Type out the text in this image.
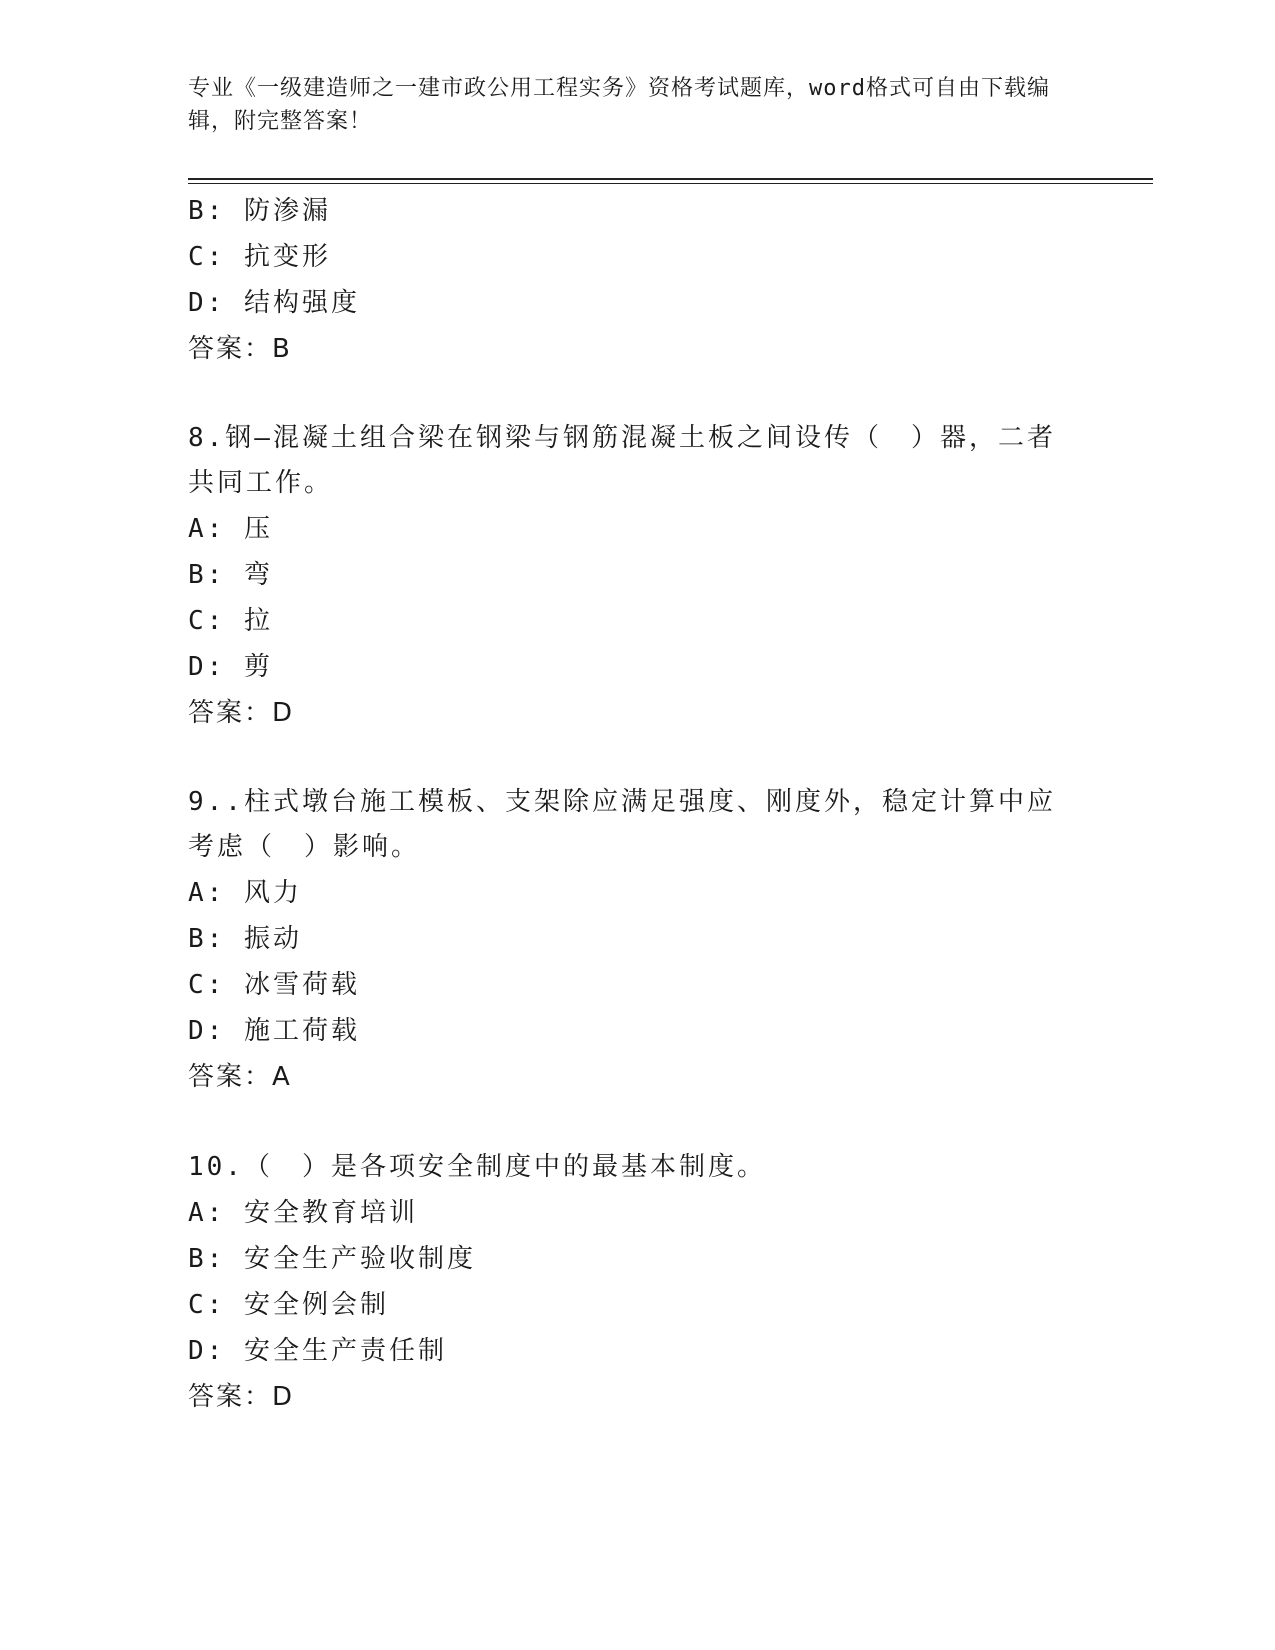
专业《一级建造师之一建市政公用工程实务》资格考试题库，word格式可自由下载编辑，附完整答案！
B: 防渗漏
C: 抗变形
D: 结构强度
答案：B
8.钢—混凝土组合梁在钢梁与钢筋混凝土板之间设传（　）器，二者共同工作。
A: 压
B: 弯
C: 拉
D: 剪
答案：D
9..柱式墩台施工模板、支架除应满足强度、刚度外，稳定计算中应考虑（　）影响。
A: 风力
B: 振动
C: 冰雪荷载
D: 施工荷载
答案：A
10.（　）是各项安全制度中的最基本制度。
A: 安全教育培训
B: 安全生产验收制度
C: 安全例会制
D: 安全生产责任制
答案：D
